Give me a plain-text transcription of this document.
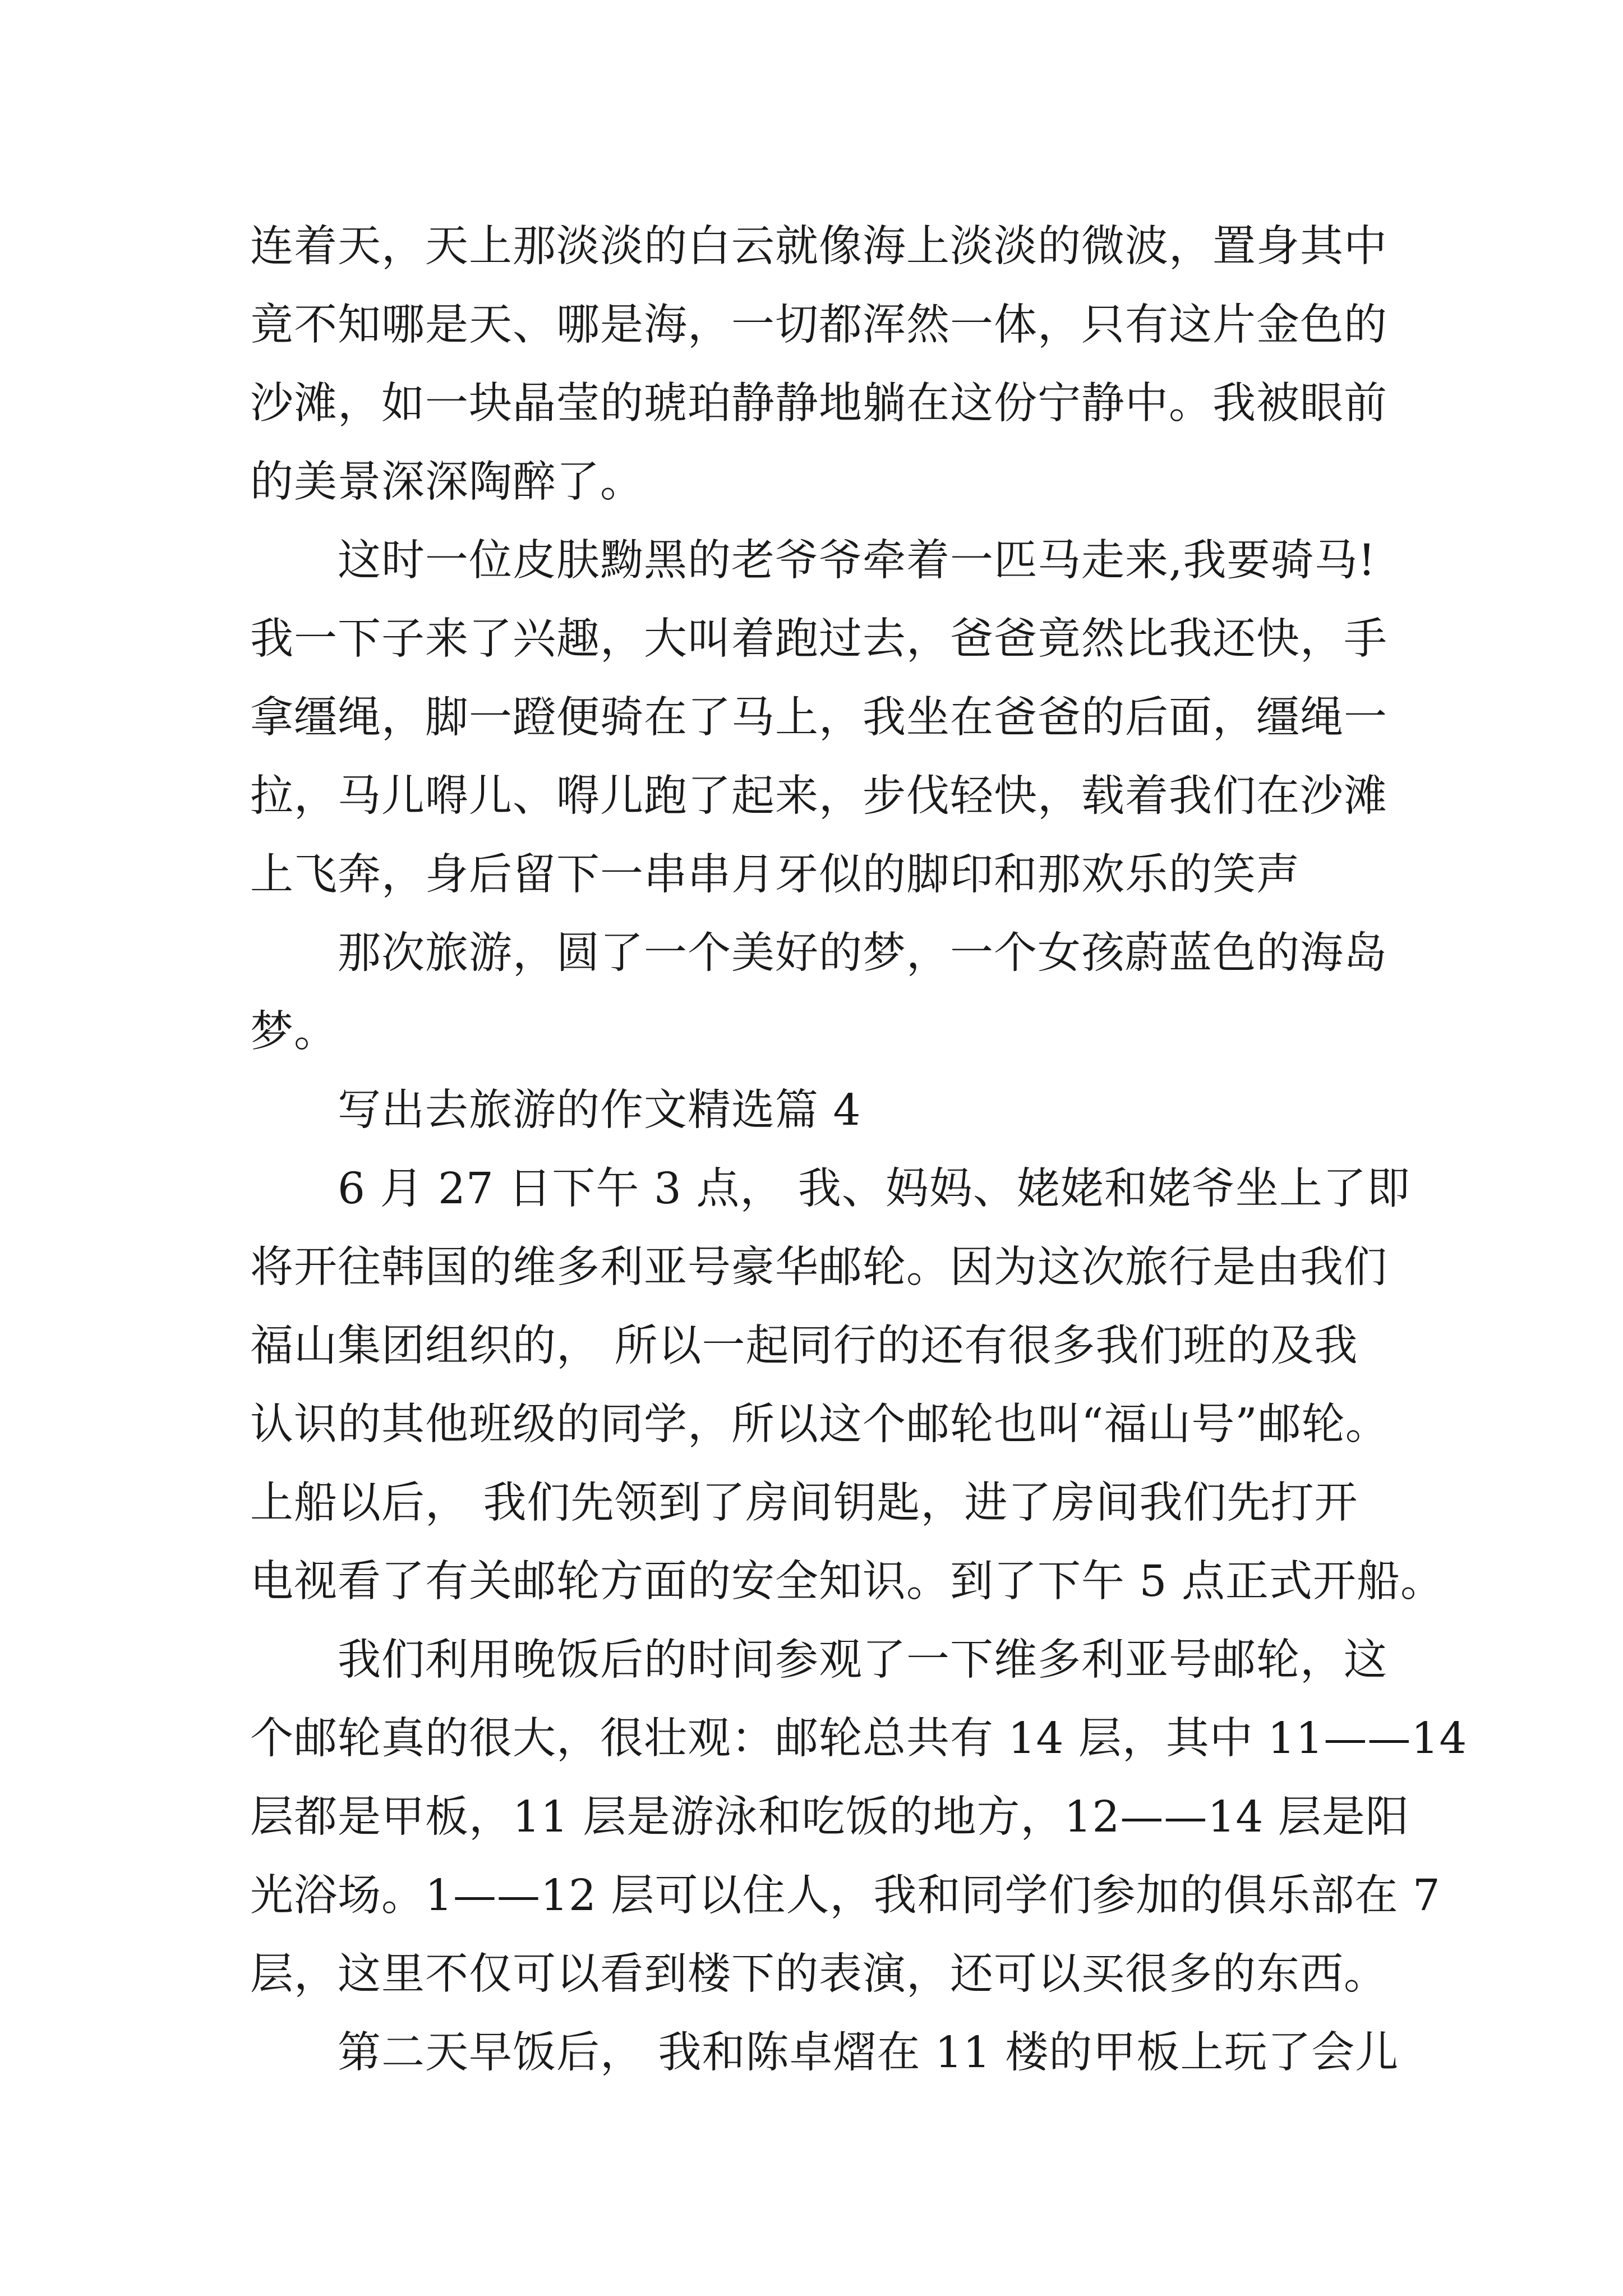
连着天，天上那淡淡的白云就像海上淡淡的微波，置身其中
竟不知哪是天、哪是海，一切都浑然一体，只有这片金色的
沙滩，如一块晶莹的琥珀静静地躺在这份宁静中。我被眼前
的美景深深陶醉了。
这时一位皮肤黝黑的老爷爷牵着一匹马走来,我要骑马!
我一下子来了兴趣，大叫着跑过去，爸爸竟然比我还快，手
拿缰绳，脚一蹬便骑在了马上，我坐在爸爸的后面，缰绳一
拉，马儿嘚儿、嘚儿跑了起来，步伐轻快，载着我们在沙滩
上飞奔，身后留下一串串月牙似的脚印和那欢乐的笑声
那次旅游，圆了一个美好的梦，一个女孩蔚蓝色的海岛
梦。
写出去旅游的作文精选篇 4
6 月 27 日下午 3 点， 我、妈妈、姥姥和姥爷坐上了即
将开往韩国的维多利亚号豪华邮轮。因为这次旅行是由我们
福山集团组织的， 所以一起同行的还有很多我们班的及我
认识的其他班级的同学，所以这个邮轮也叫“福山号”邮轮。
上船以后， 我们先领到了房间钥匙，进了房间我们先打开
电视看了有关邮轮方面的安全知识。到了下午 5 点正式开船。
我们利用晚饭后的时间参观了一下维多利亚号邮轮，这
个邮轮真的很大，很壮观：邮轮总共有 14 层，其中 11——14
层都是甲板，11 层是游泳和吃饭的地方，12——14 层是阳
光浴场。1——12 层可以住人，我和同学们参加的俱乐部在 7
层，这里不仅可以看到楼下的表演，还可以买很多的东西。
第二天早饭后， 我和陈卓熠在 11 楼的甲板上玩了会儿
